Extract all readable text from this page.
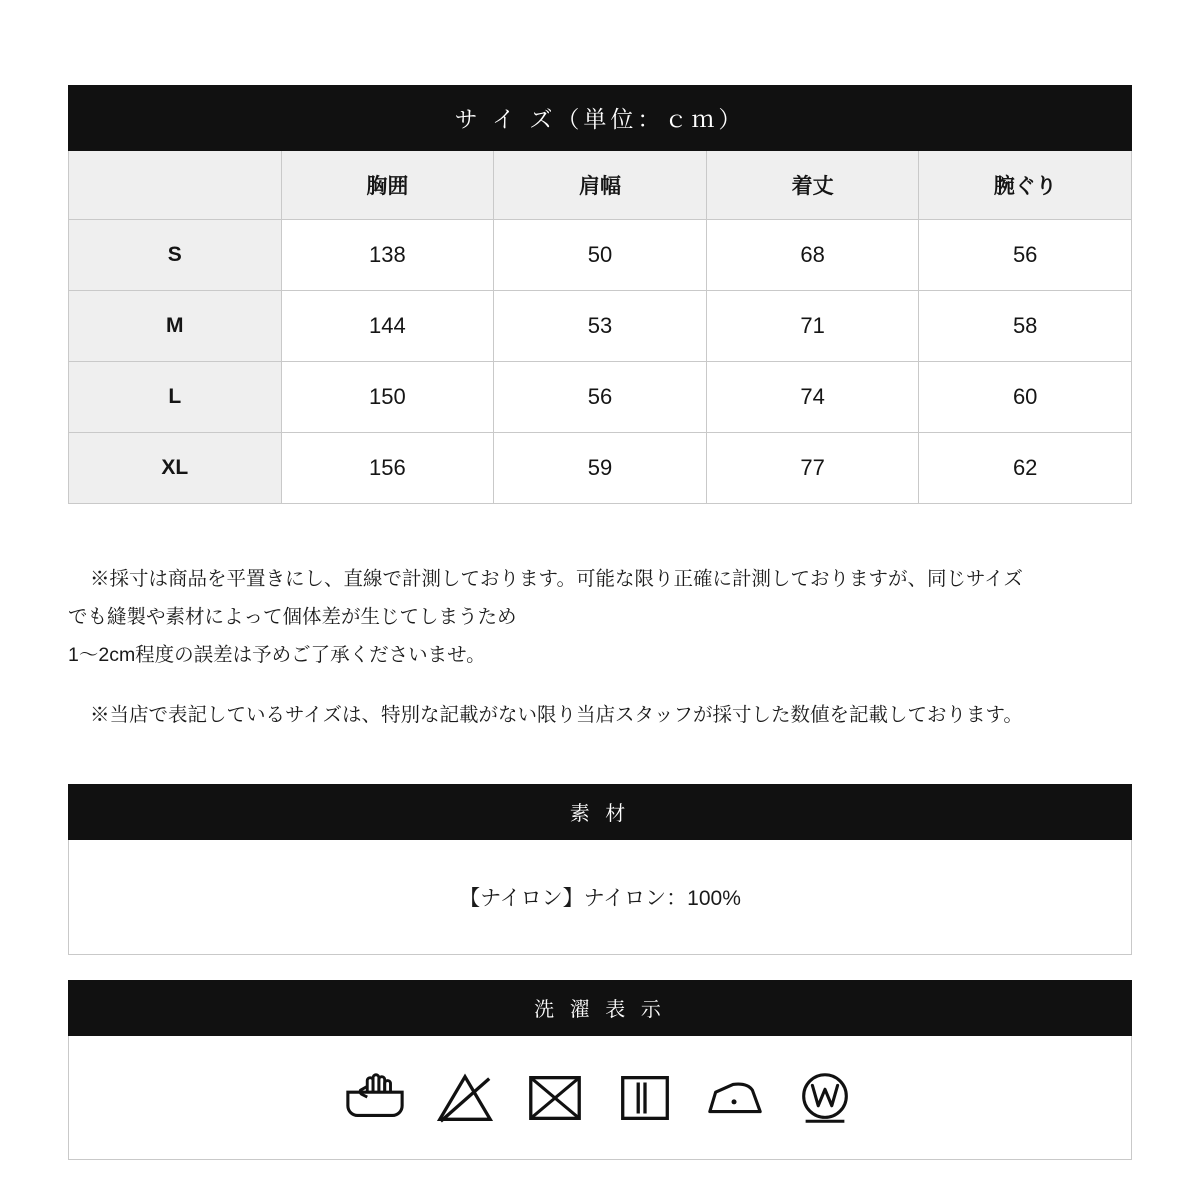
サ イ ズ（単位：ｃｍ）				
	胸囲	肩幅	着丈	腕ぐり
S	138	50	68	56
M	144	53	71	58
L	150	56	74	60
XL	156	59	77	62

※採寸は商品を平置きにし、直線で計測しております。可能な限り正確に計測しておりますが、同じサイズ

でも縫製や素材によって個体差が生じてしまうため

1〜2cm程度の誤差は予めご了承くださいませ。

※当店で表記しているサイズは、特別な記載がない限り当店スタッフが採寸した数値を記載しております。

素 材
【ナイロン】ナイロン：100%
洗 濯 表 示
